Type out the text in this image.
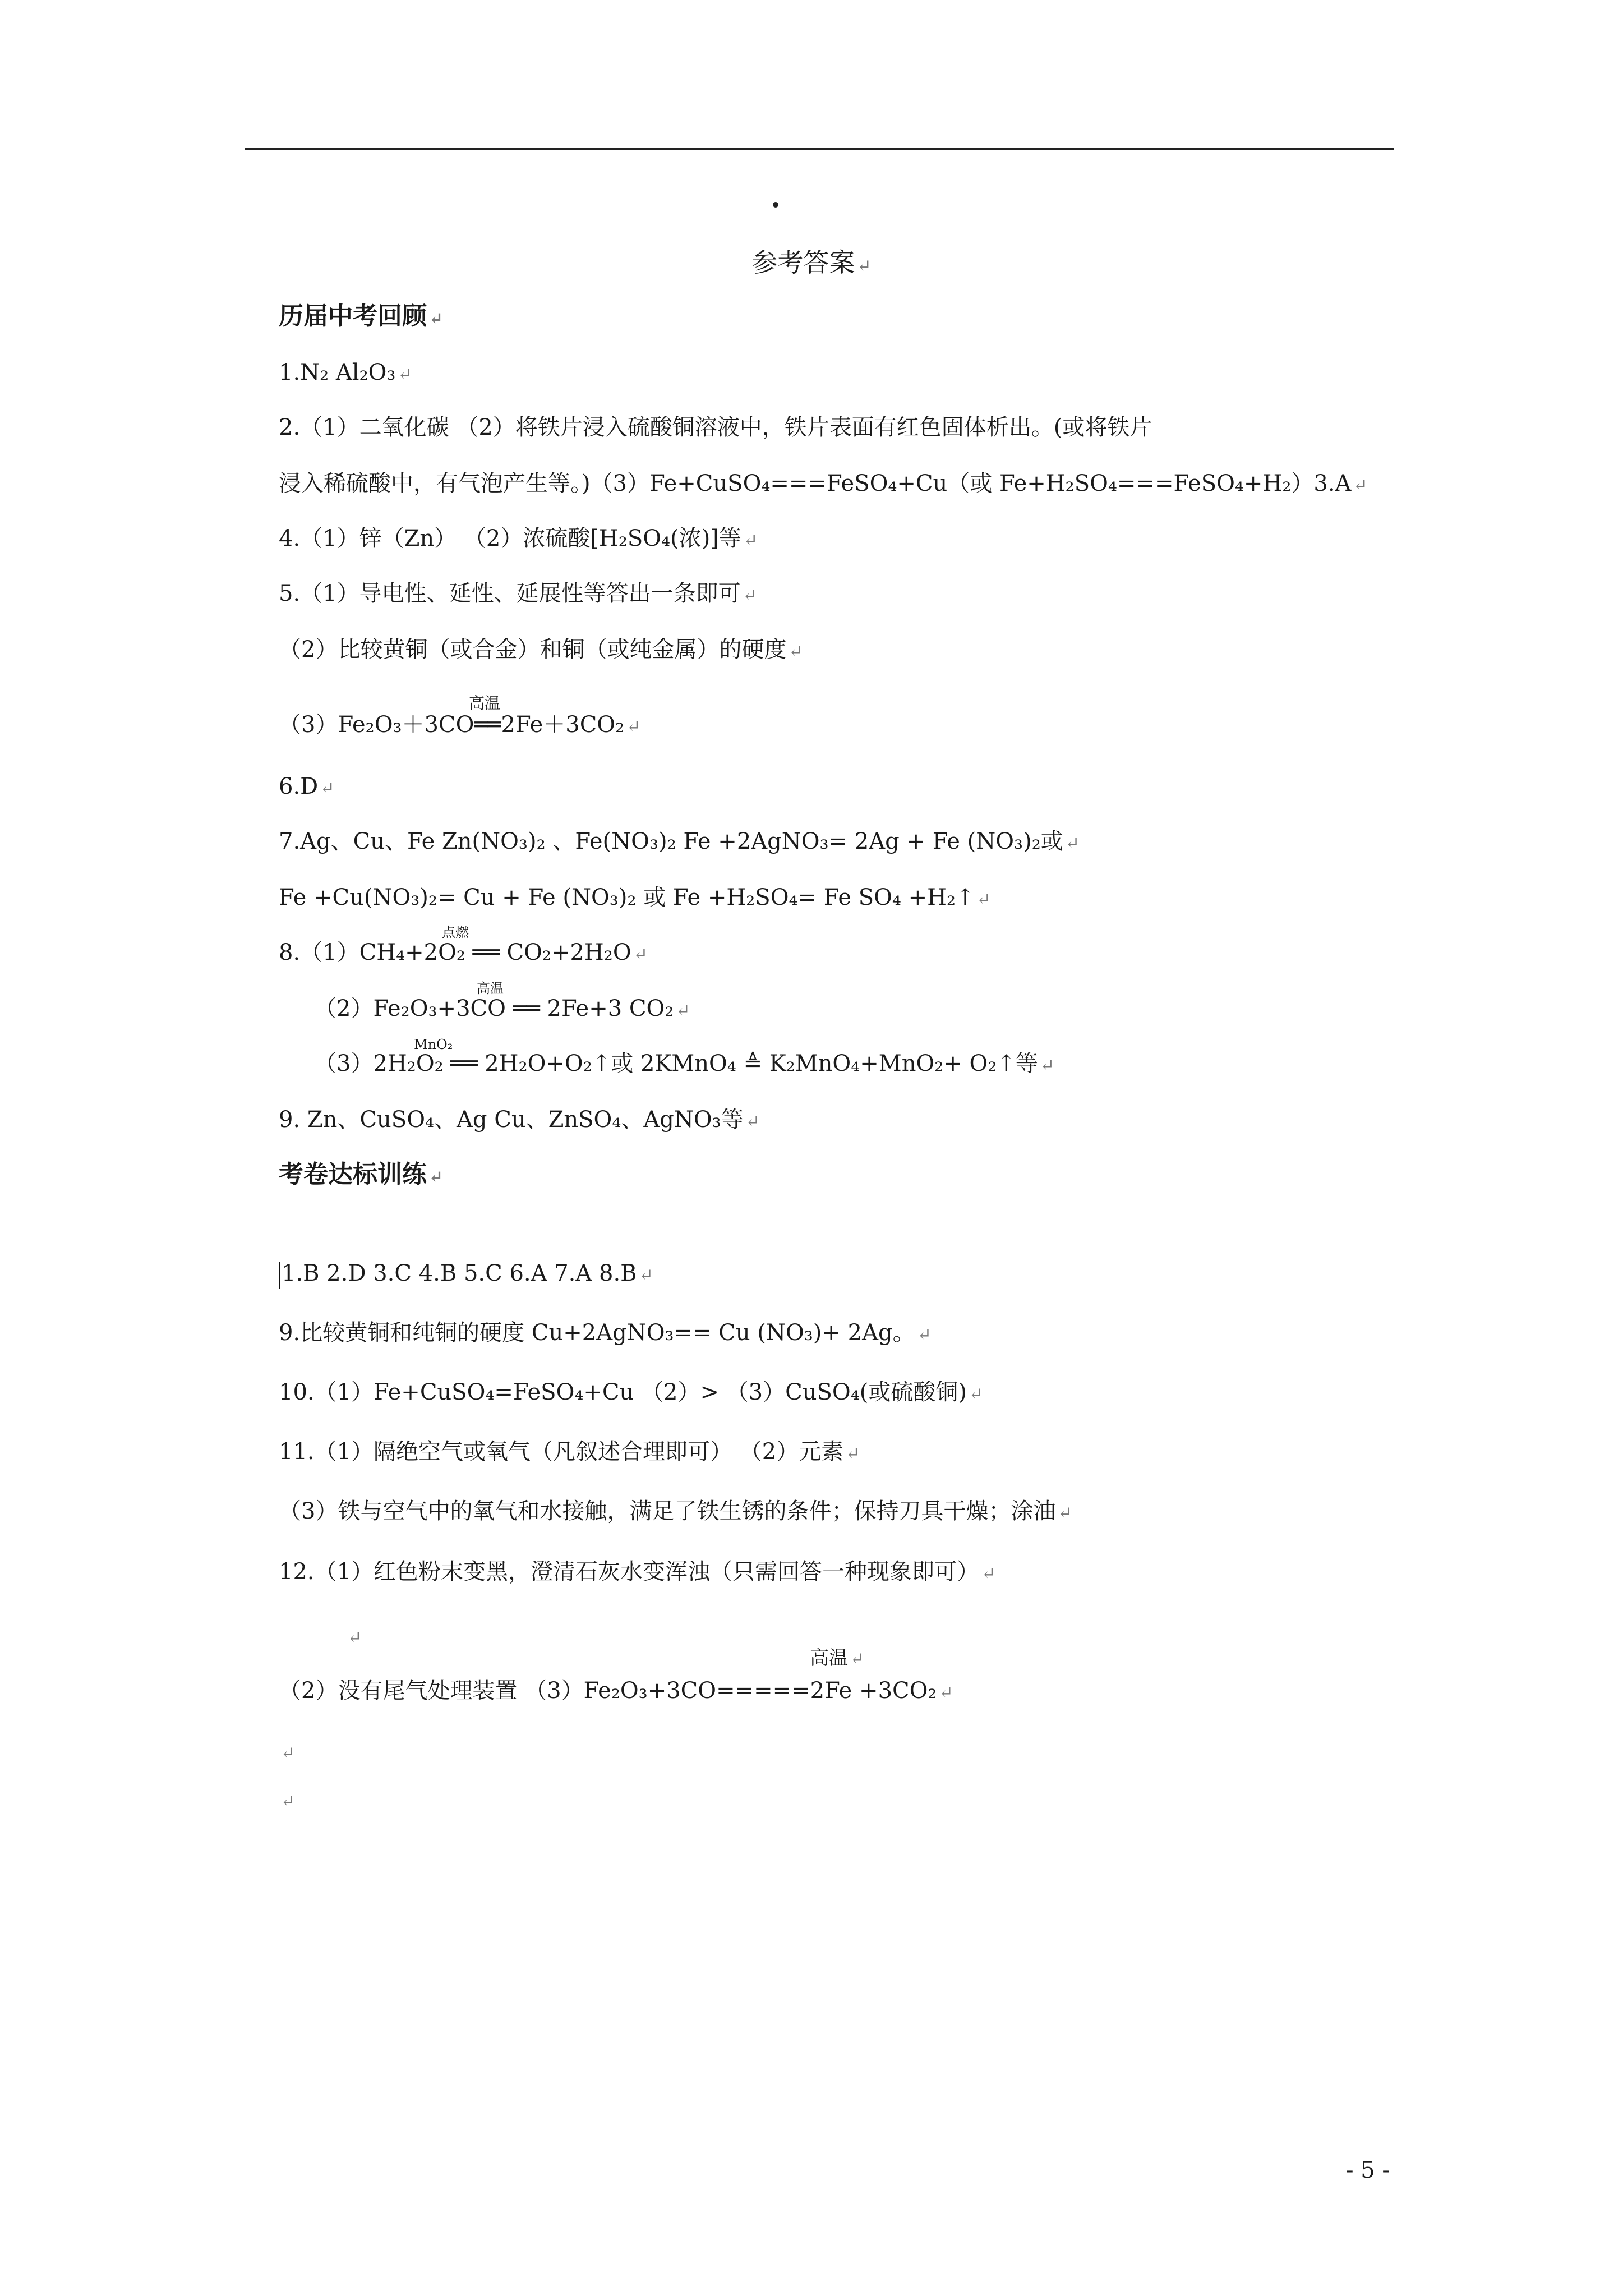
参考答案 ↵
历届中考回顾 ↵
1.N₂ Al₂O₃ ↵
2.（1）二氧化碳 （2）将铁片浸入硫酸铜溶液中，铁片表面有红色固体析出。(或将铁片
浸入稀硫酸中，有气泡产生等。)（3）Fe+CuSO₄===FeSO₄+Cu（或 Fe+H₂SO₄===FeSO₄+H₂）3.A ↵
4.（1）锌（Zn） （2）浓硫酸[H₂SO₄(浓)]等 ↵
5.（1）导电性、延性、延展性等答出一条即可 ↵
（2）比较黄铜（或合金）和铜（或纯金属）的硬度 ↵
高温
（3）Fe₂O₃＋3CO══2Fe＋3CO₂ ↵
6.D ↵
7.Ag、Cu、Fe Zn(NO₃)₂ 、Fe(NO₃)₂ Fe +2AgNO₃= 2Ag + Fe (NO₃)₂或 ↵
Fe +Cu(NO₃)₂= Cu + Fe (NO₃)₂ 或 Fe +H₂SO₄= Fe SO₄ +H₂↑ ↵
点燃
8.（1）CH₄+2O₂ ══ CO₂+2H₂O ↵
高温
（2）Fe₂O₃+3CO ══ 2Fe+3 CO₂ ↵
MnO₂
（3）2H₂O₂ ══ 2H₂O+O₂↑或 2KMnO₄ ≜ K₂MnO₄+MnO₂+ O₂↑等 ↵
9. Zn、CuSO₄、Ag Cu、ZnSO₄、AgNO₃等 ↵
考卷达标训练 ↵
1.B 2.D 3.C 4.B 5.C 6.A 7.A 8.B ↵
9.比较黄铜和纯铜的硬度 Cu+2AgNO₃== Cu (NO₃)+ 2Ag。 ↵
10.（1）Fe+CuSO₄=FeSO₄+Cu （2）> （3）CuSO₄(或硫酸铜) ↵
11.（1）隔绝空气或氧气（凡叙述合理即可） （2）元素 ↵
（3）铁与空气中的氧气和水接触，满足了铁生锈的条件；保持刀具干燥；涂油 ↵
12.（1）红色粉末变黑，澄清石灰水变浑浊（只需回答一种现象即可） ↵
↵
高温 ↵
（2）没有尾气处理装置 （3）Fe₂O₃+3CO=====2Fe +3CO₂ ↵
↵
↵
- 5 -
